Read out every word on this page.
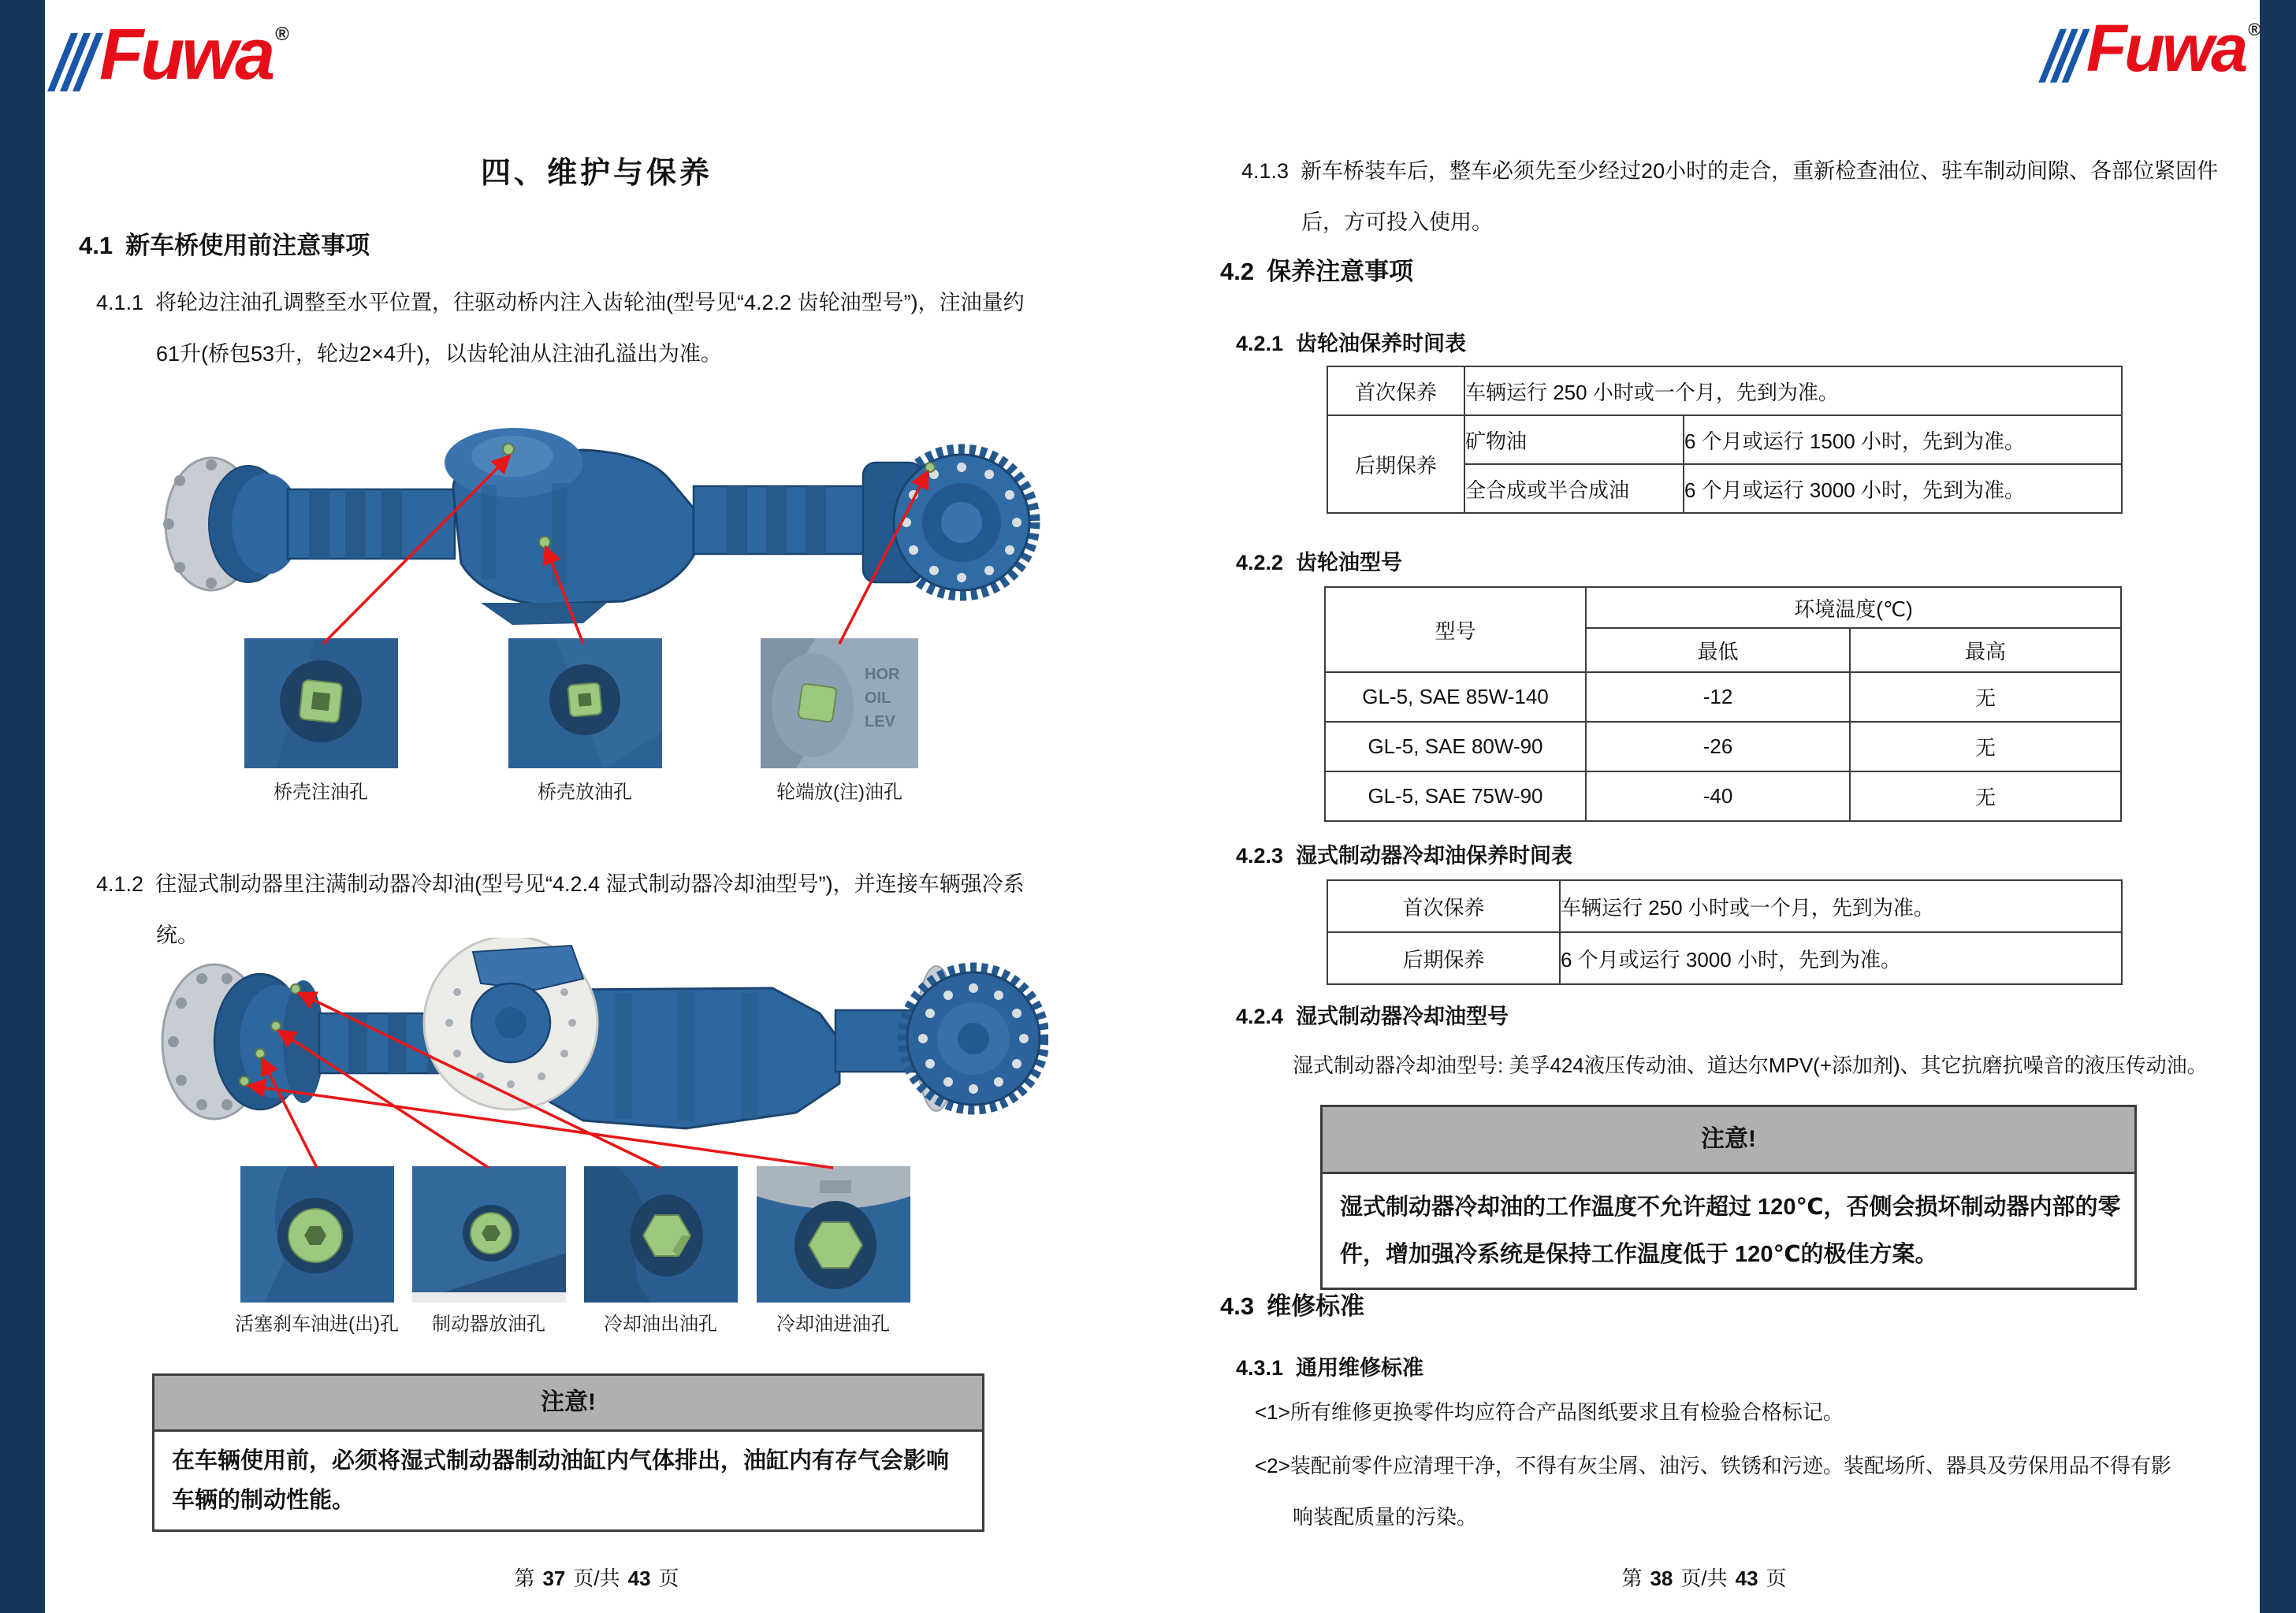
Fuwa ®
四、维护与保养
4.1 新车桥使用前注意事项
4.1.1 将轮边注油孔调整至水平位置，往驱动桥内注入齿轮油(型号见“4.2.2 齿轮油型号”)，注油量约
61升(桥包53升，轮边2×4升)，以齿轮油从注油孔溢出为准。
HOR
OIL
LEV
桥壳注油孔	桥壳放油孔	轮端放(注)油孔
4.1.2 往湿式制动器里注满制动器冷却油(型号见“4.2.4 湿式制动器冷却油型号”)，并连接车辆强冷系
统。
活塞刹车油进(出)孔	制动器放油孔	冷却油出油孔	冷却油进油孔
注意!
在车辆使用前，必须将湿式制动器制动油缸内气体排出，油缸内有存气会影响
车辆的制动性能。
第 37 页/共 43 页
Fuwa ®
4.1.3 新车桥装车后，整车必须先至少经过20小时的走合，重新检查油位、驻车制动间隙、各部位紧固件
后，方可投入使用。
4.2 保养注意事项
4.2.1 齿轮油保养时间表
首次保养	车辆运行 250 小时或一个月，先到为准。	
后期保养	矿物油	6 个月或运行 1500 小时，先到为准。
	全合成或半合成油	6 个月或运行 3000 小时，先到为准。
4.2.2 齿轮油型号
型号	环境温度(℃)	
	最低	最高
GL-5, SAE 85W-140	-12	无
GL-5, SAE 80W-90	-26	无
GL-5, SAE 75W-90	-40	无
4.2.3 湿式制动器冷却油保养时间表
首次保养	车辆运行 250 小时或一个月，先到为准。
后期保养	6 个月或运行 3000 小时，先到为准。
4.2.4 湿式制动器冷却油型号
湿式制动器冷却油型号: 美孚424液压传动油、道达尔MPV(+添加剂)、其它抗磨抗噪音的液压传动油。
注意!
湿式制动器冷却油的工作温度不允许超过 120℃，否侧会损坏制动器内部的零
件，增加强冷系统是保持工作温度低于 120℃的极佳方案。
4.3 维修标准
4.3.1 通用维修标准
<1>所有维修更换零件均应符合产品图纸要求且有检验合格标记。
<2>装配前零件应清理干净，不得有灰尘屑、油污、铁锈和污迹。装配场所、器具及劳保用品不得有影
响装配质量的污染。
第 38 页/共 43 页
